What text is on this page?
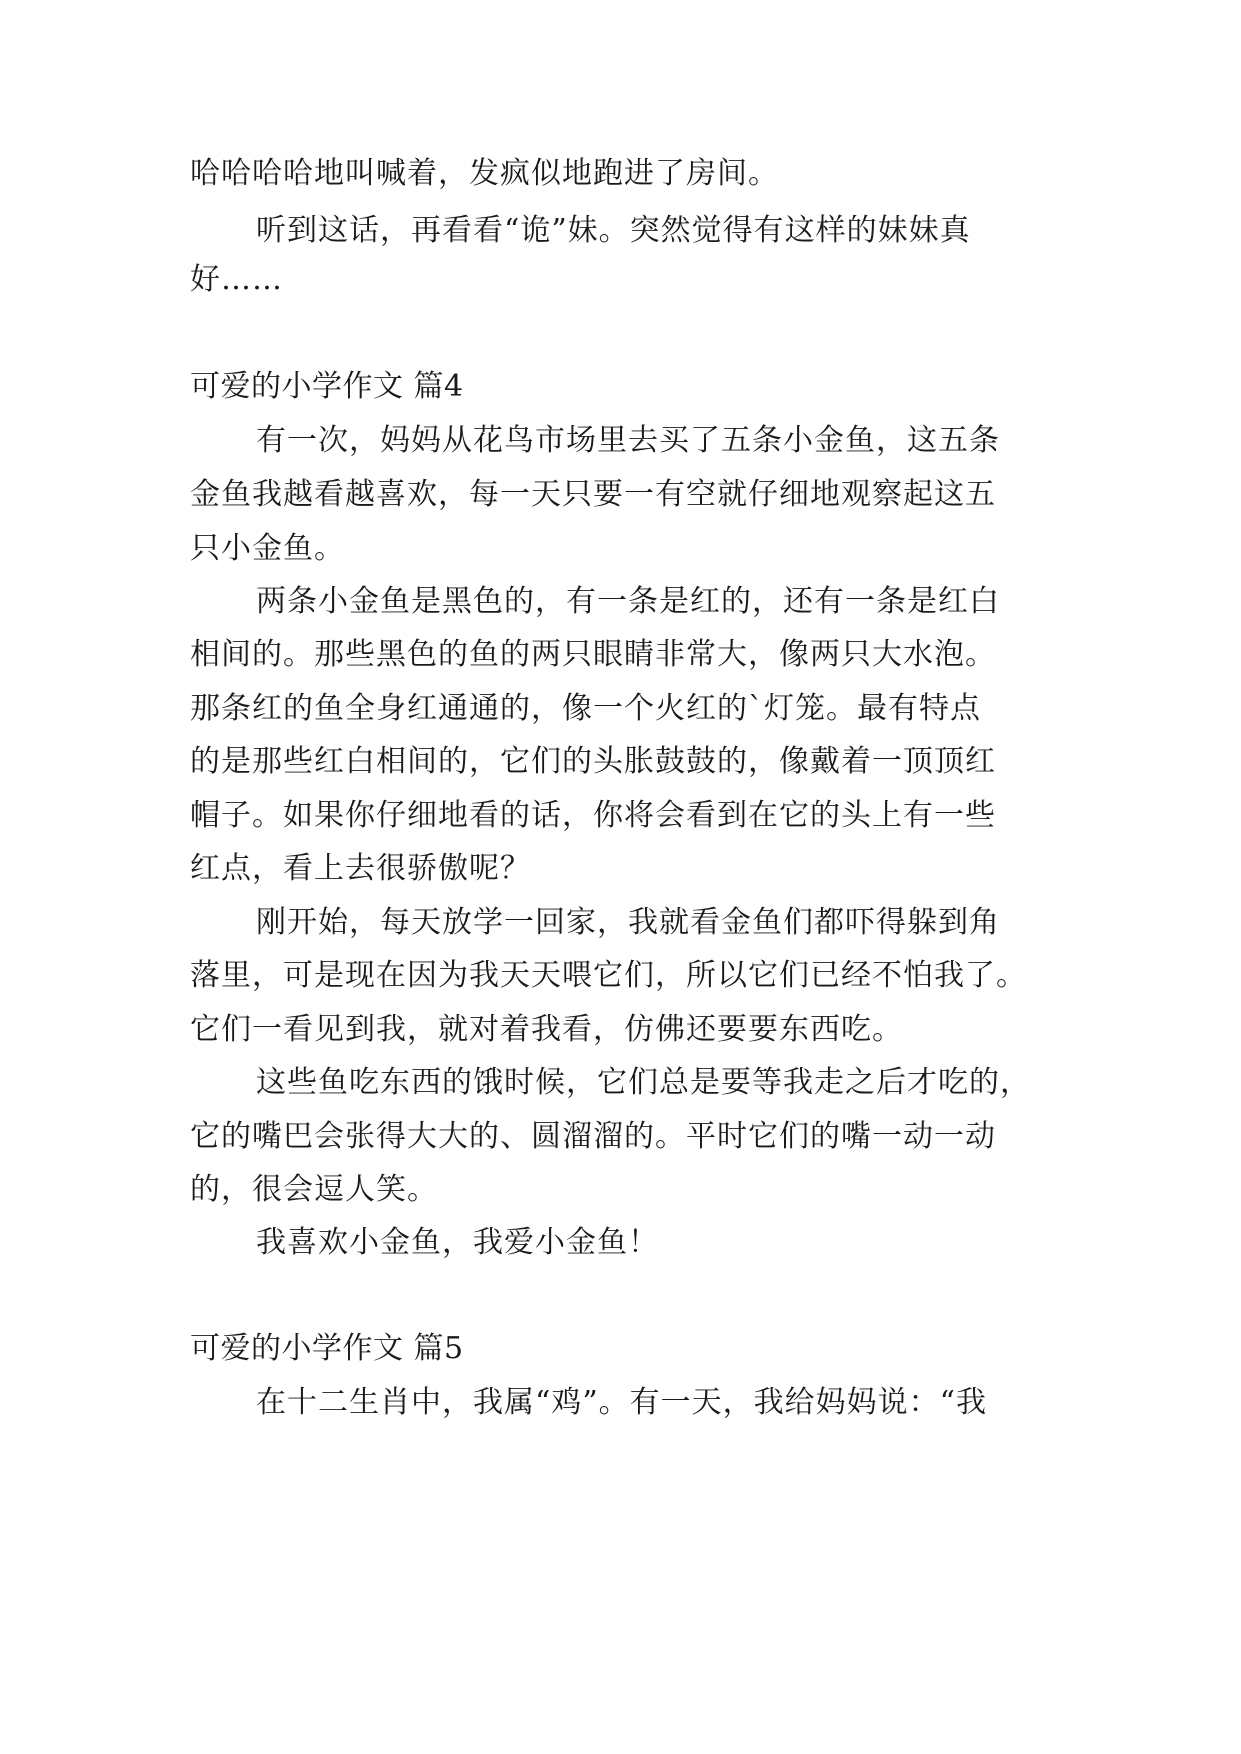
哈哈哈哈地叫喊着，发疯似地跑进了房间。
听到这话，再看看“诡”妹。突然觉得有这样的妹妹真
好……
可爱的小学作文 篇4
有一次，妈妈从花鸟市场里去买了五条小金鱼，这五条
金鱼我越看越喜欢，每一天只要一有空就仔细地观察起这五
只小金鱼。
两条小金鱼是黑色的，有一条是红的，还有一条是红白
相间的。那些黑色的鱼的两只眼睛非常大，像两只大水泡。
那条红的鱼全身红通通的，像一个火红的`灯笼。最有特点
的是那些红白相间的，它们的头胀鼓鼓的，像戴着一顶顶红
帽子。如果你仔细地看的话，你将会看到在它的头上有一些
红点，看上去很骄傲呢？
刚开始，每天放学一回家，我就看金鱼们都吓得躲到角
落里，可是现在因为我天天喂它们，所以它们已经不怕我了。
它们一看见到我，就对着我看，仿佛还要要东西吃。
这些鱼吃东西的饿时候，它们总是要等我走之后才吃的，
它的嘴巴会张得大大的、圆溜溜的。平时它们的嘴一动一动
的，很会逗人笑。
我喜欢小金鱼，我爱小金鱼！
可爱的小学作文 篇5
在十二生肖中，我属“鸡”。有一天，我给妈妈说：“我
